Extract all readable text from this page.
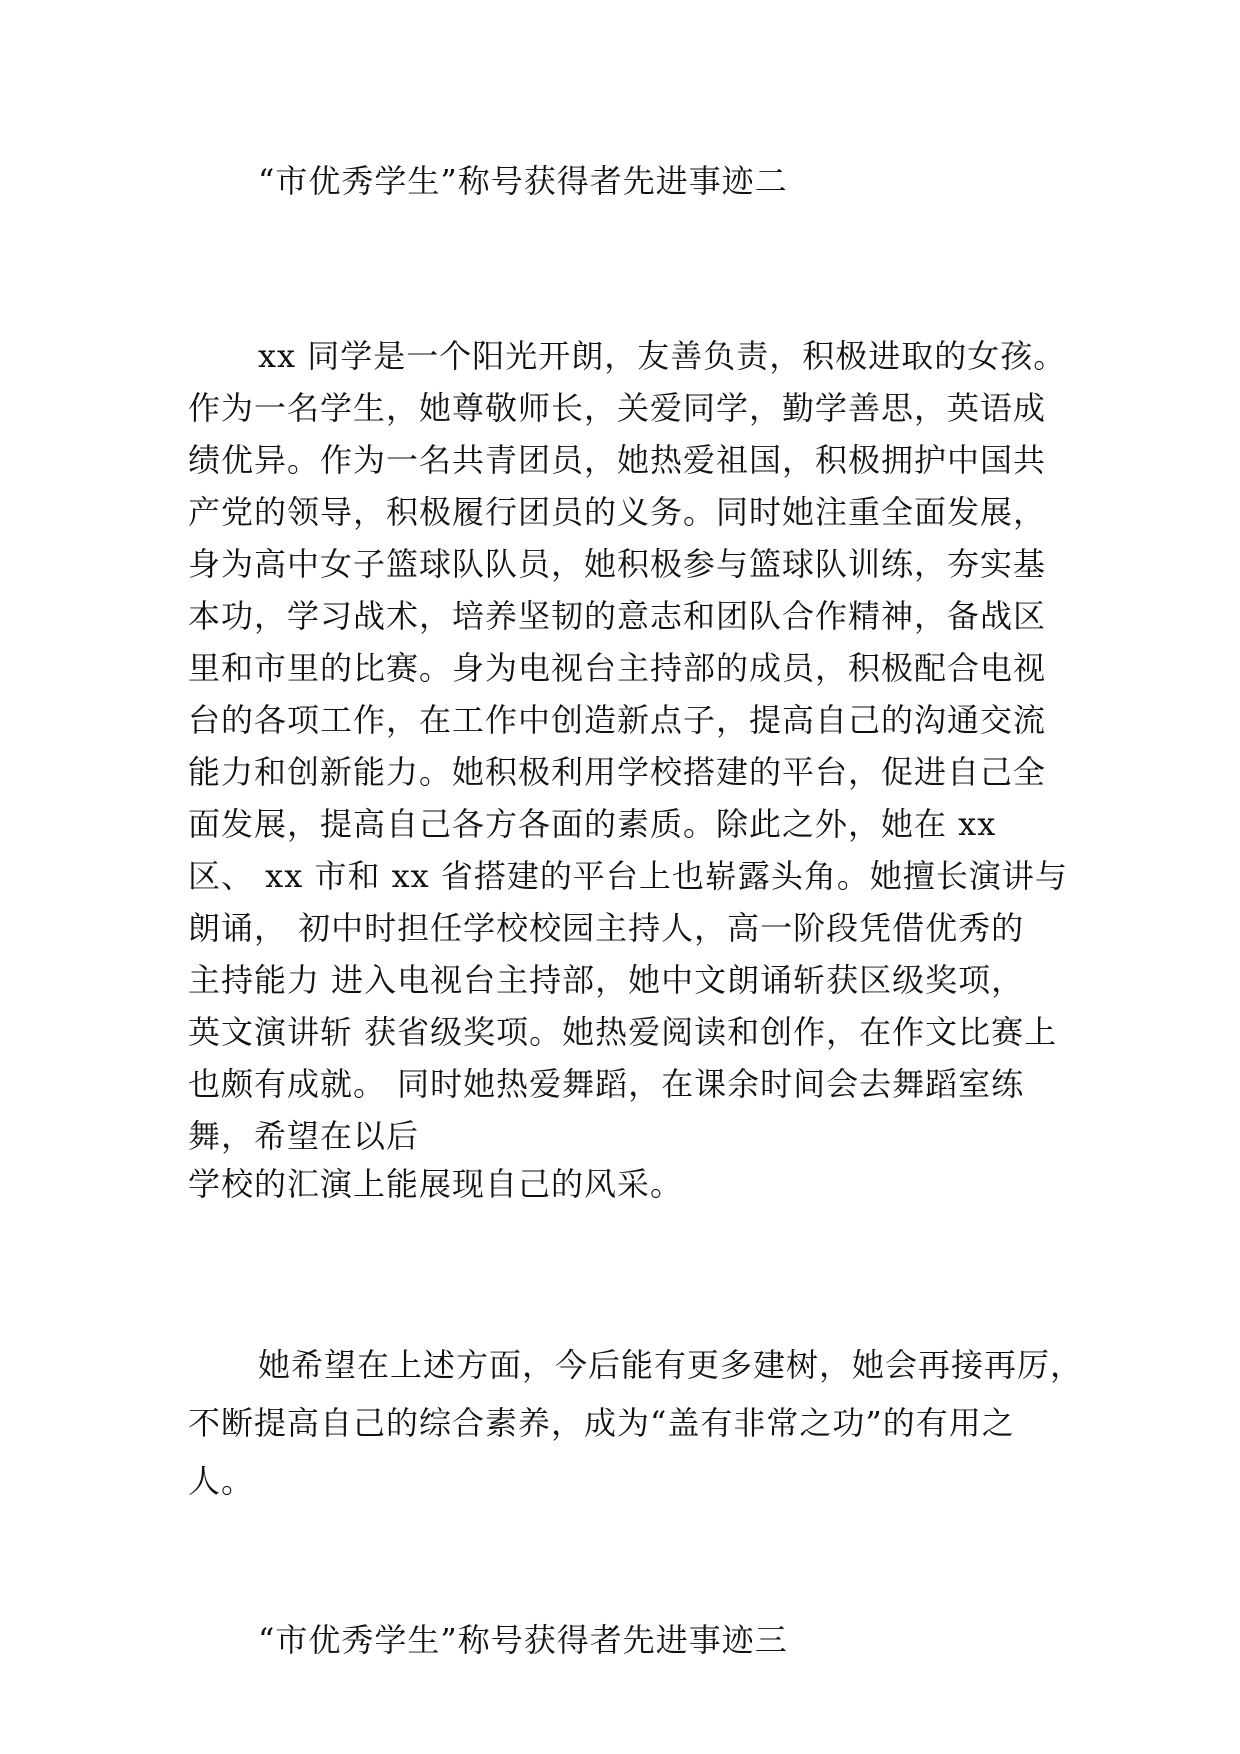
“市优秀学生”称号获得者先进事迹二
xx 同学是一个阳光开朗，友善负责，积极进取的女孩。
作为一名学生，她尊敬师长，关爱同学，勤学善思，英语成
绩优异。作为一名共青团员，她热爱祖国，积极拥护中国共
产党的领导，积极履行团员的义务。同时她注重全面发展，
身为高中女子篮球队队员，她积极参与篮球队训练，夯实基
本功，学习战术，培养坚韧的意志和团队合作精神，备战区
里和市里的比赛。身为电视台主持部的成员，积极配合电视
台的各项工作，在工作中创造新点子，提高自己的沟通交流
能力和创新能力。她积极利用学校搭建的平台，促进自己全
面发展，提高自己各方各面的素质。除此之外，她在 xx
区、 xx 市和 xx 省搭建的平台上也崭露头角。她擅长演讲与
朗诵， 初中时担任学校校园主持人，高一阶段凭借优秀的
主持能力 进入电视台主持部，她中文朗诵斩获区级奖项，
英文演讲斩 获省级奖项。她热爱阅读和创作，在作文比赛上
也颇有成就。 同时她热爱舞蹈，在课余时间会去舞蹈室练
舞，希望在以后
学校的汇演上能展现自己的风采。
她希望在上述方面，今后能有更多建树，她会再接再厉，
不断提高自己的综合素养，成为“盖有非常之功”的有用之
人。
“市优秀学生”称号获得者先进事迹三
